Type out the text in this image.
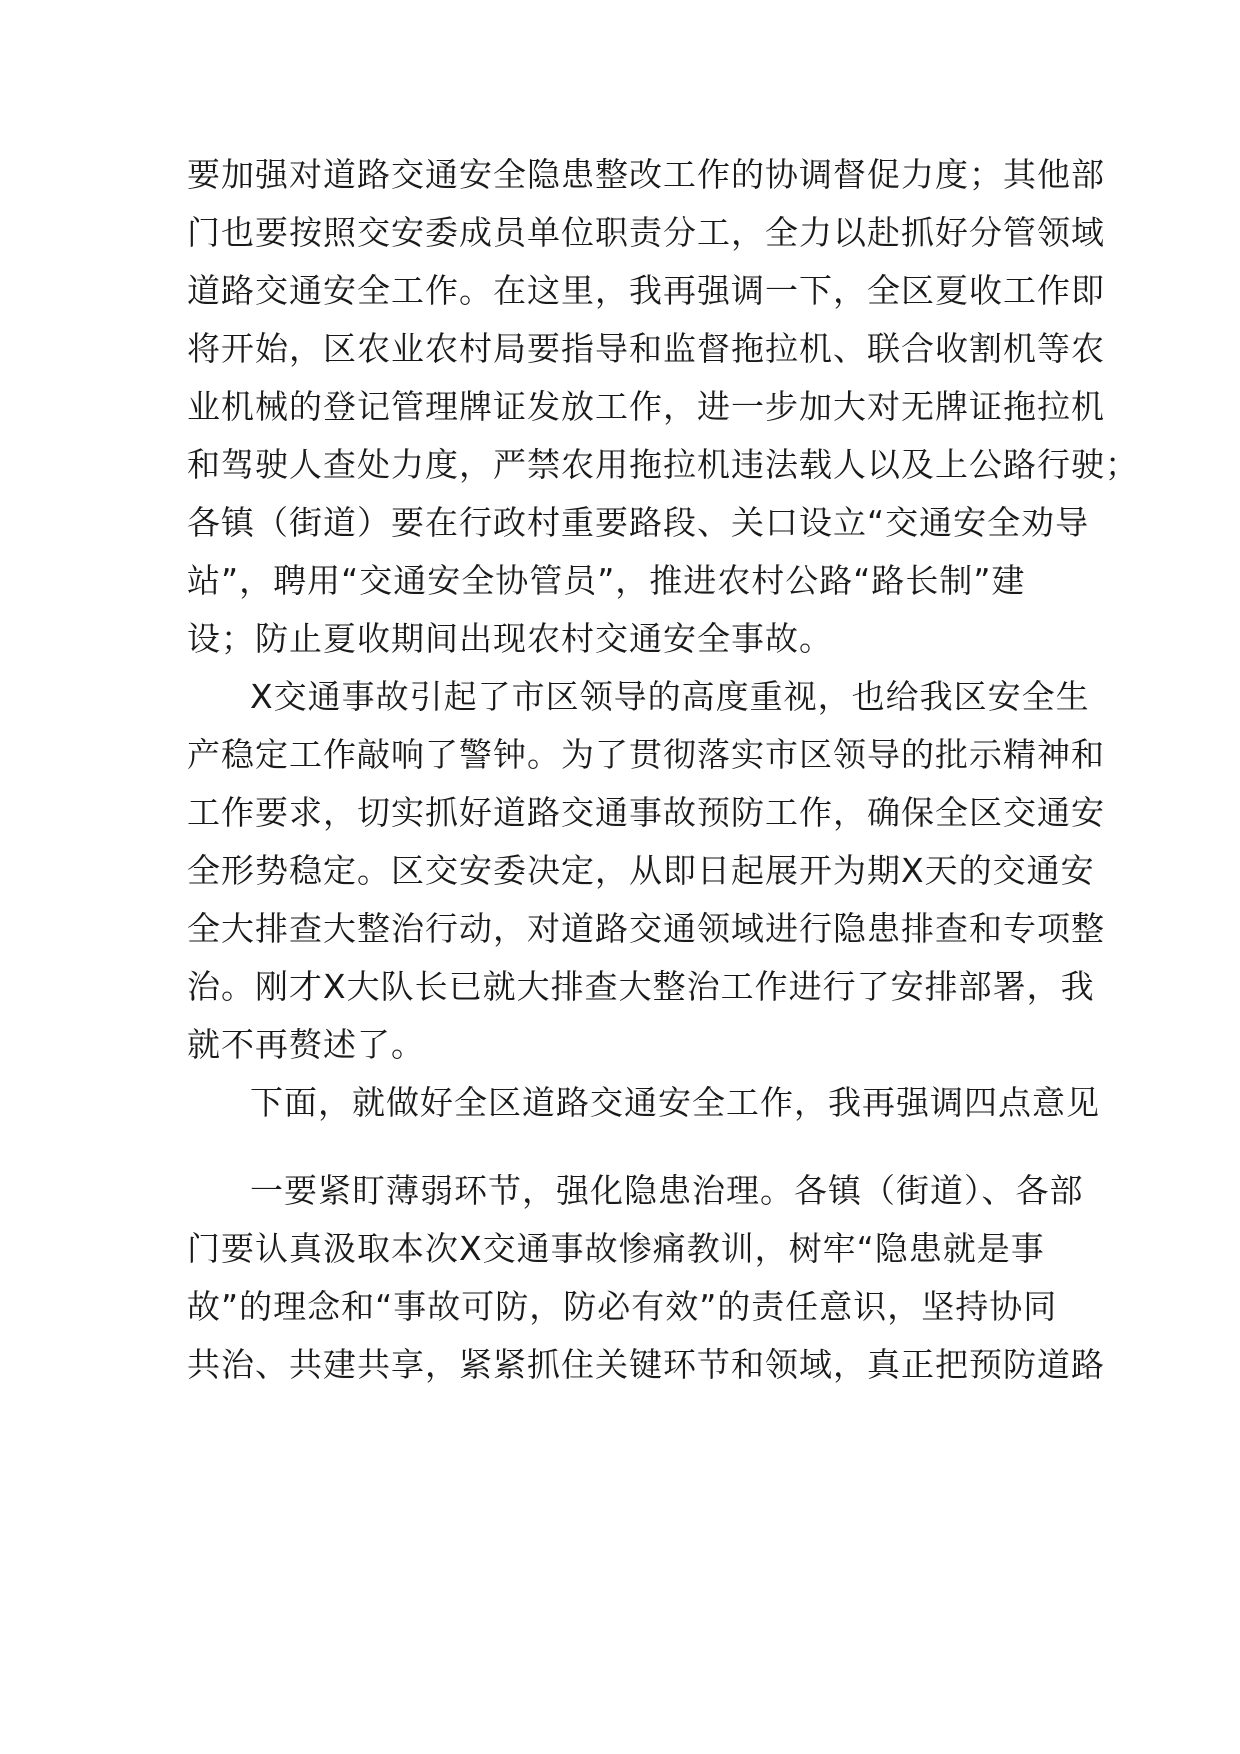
要加强对道路交通安全隐患整改工作的协调督促力度；其他部
门也要按照交安委成员单位职责分工，全力以赴抓好分管领域
道路交通安全工作。在这里，我再强调一下，全区夏收工作即
将开始，区农业农村局要指导和监督拖拉机、联合收割机等农
业机械的登记管理牌证发放工作，进一步加大对无牌证拖拉机
和驾驶人查处力度，严禁农用拖拉机违法载人以及上公路行驶；
各镇（街道）要在行政村重要路段、关口设立“交通安全劝导
站”，聘用“交通安全协管员”，推进农村公路“路长制”建
设；防止夏收期间出现农村交通安全事故。
X交通事故引起了市区领导的高度重视，也给我区安全生
产稳定工作敲响了警钟。为了贯彻落实市区领导的批示精神和
工作要求，切实抓好道路交通事故预防工作，确保全区交通安
全形势稳定。区交安委决定，从即日起展开为期X天的交通安
全大排查大整治行动，对道路交通领域进行隐患排查和专项整
治。刚才X大队长已就大排查大整治工作进行了安排部署，我
就不再赘述了。
下面，就做好全区道路交通安全工作，我再强调四点意见
一要紧盯薄弱环节，强化隐患治理。各镇（街道）、各部
门要认真汲取本次X交通事故惨痛教训，树牢“隐患就是事
故”的理念和“事故可防，防必有效”的责任意识，坚持协同
共治、共建共享，紧紧抓住关键环节和领域，真正把预防道路
